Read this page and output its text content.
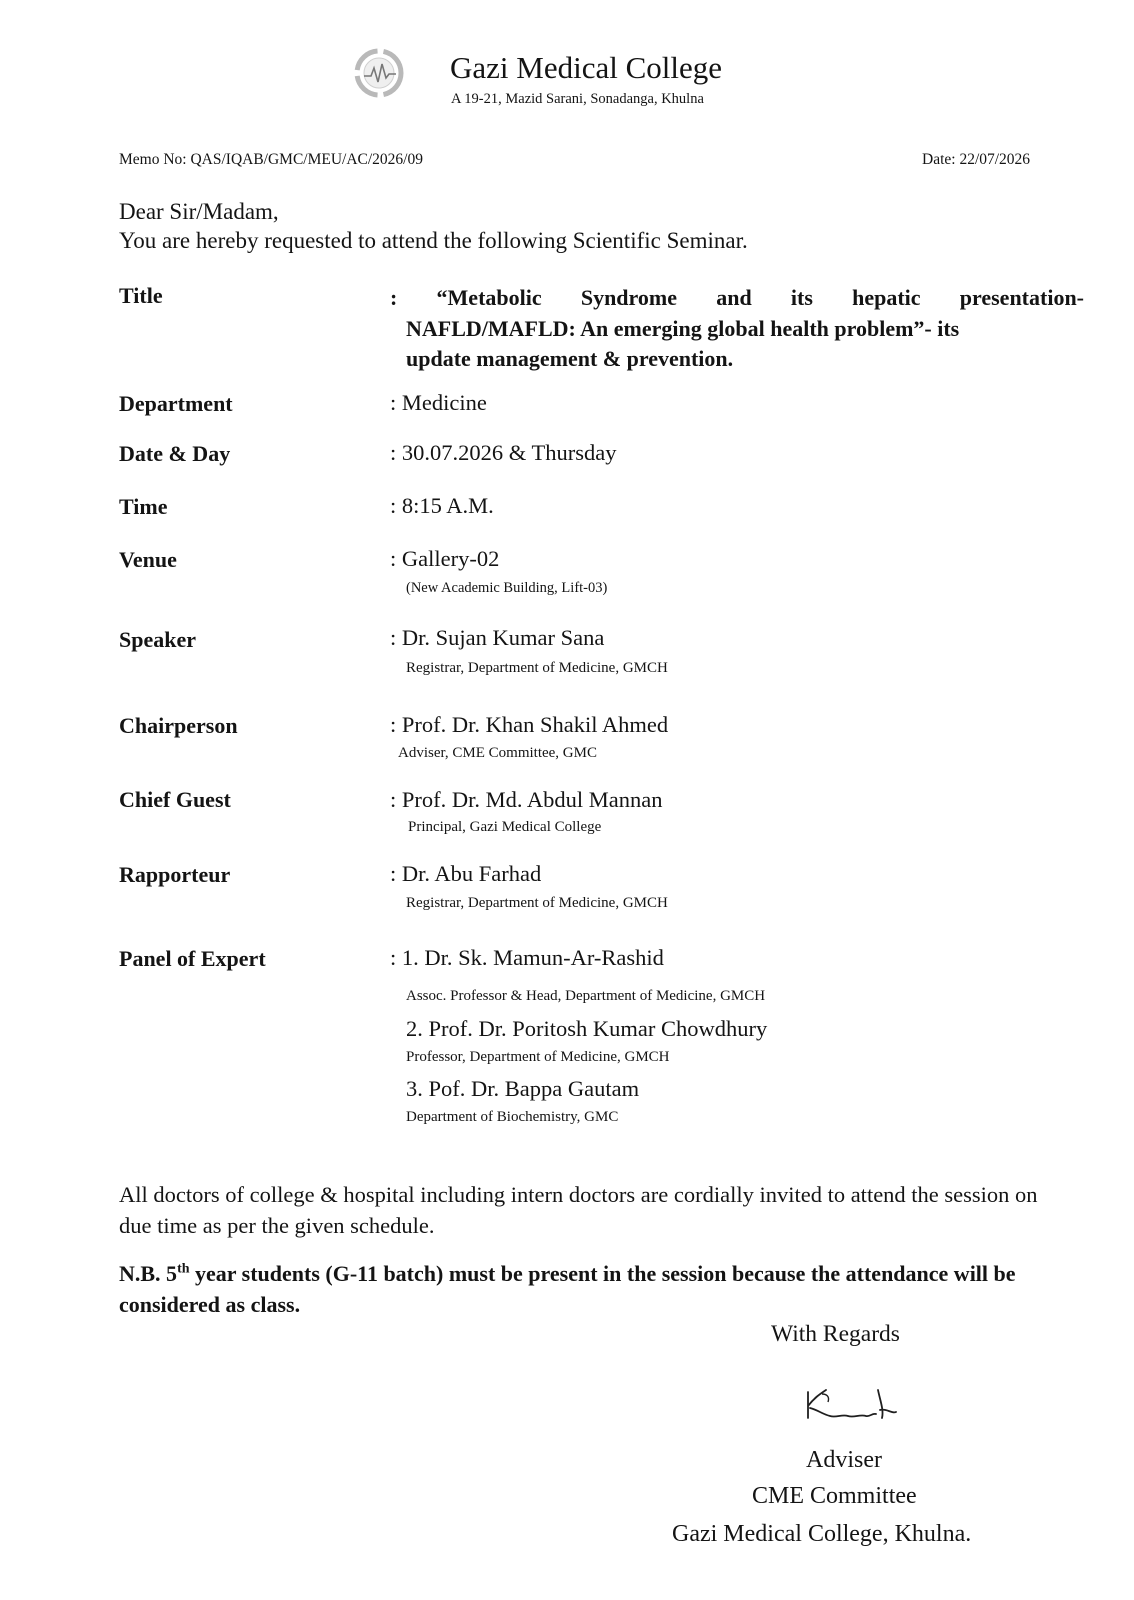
Gazi Medical College
A 19-21, Mazid Sarani, Sonadanga, Khulna
Memo No: QAS/IQAB/GMC/MEU/AC/2026/09	Date: 22/07/2026
Dear Sir/Madam,
You are hereby requested to attend the following Scientific Seminar.
Title	: “Metabolic Syndrome and its hepatic presentation-
NAFLD/MAFLD: An emerging global health problem”- its
update management & prevention.
Department	: Medicine
Date & Day	: 30.07.2026 & Thursday
Time	: 8:15 A.M.
Venue	: Gallery-02
(New Academic Building, Lift-03)
Speaker	: Dr. Sujan Kumar Sana
Registrar, Department of Medicine, GMCH
Chairperson	: Prof. Dr. Khan Shakil Ahmed
Adviser, CME Committee, GMC
Chief Guest	: Prof. Dr. Md. Abdul Mannan
Principal, Gazi Medical College
Rapporteur	: Dr. Abu Farhad
Registrar, Department of Medicine, GMCH
Panel of Expert	: 1. Dr. Sk. Mamun-Ar-Rashid
Assoc. Professor & Head, Department of Medicine, GMCH
2. Prof. Dr. Poritosh Kumar Chowdhury
Professor, Department of Medicine, GMCH
3. Pof. Dr. Bappa Gautam
Department of Biochemistry, GMC
All doctors of college & hospital including intern doctors are cordially invited to attend the session on due time as per the given schedule.
N.B. 5th year students (G-11 batch) must be present in the session because the attendance will be considered as class.
With Regards
Adviser
CME Committee
Gazi Medical College, Khulna.
